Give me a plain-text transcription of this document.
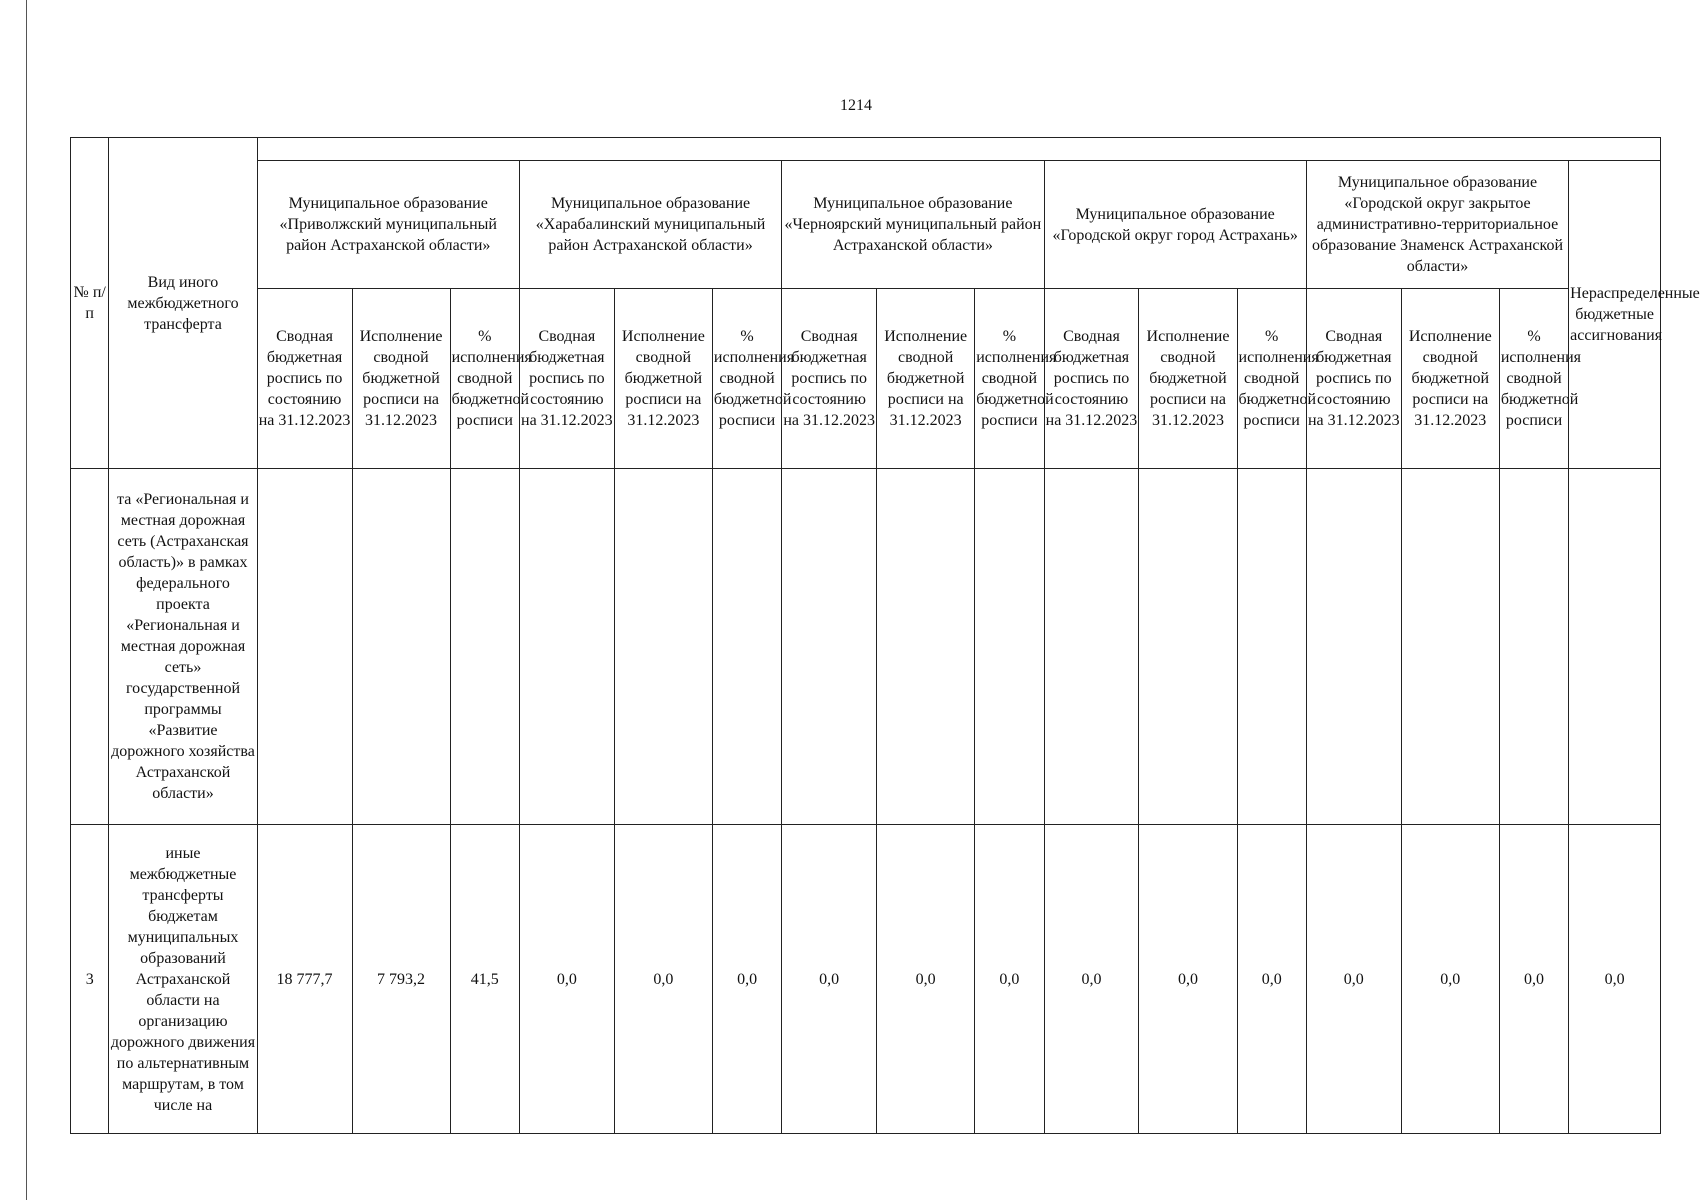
1214
№ п/п	Вид иного межбюджетного трансферта																
		Муниципальное образование «Приволжский муниципальный район Астраханской области»			Муниципальное образование «Харабалинский муниципальный район Астраханской области»			Муниципальное образование «Черноярский муниципальный район Астраханской области»			Муниципальное образование «Городской округ город Астрахань»			Муниципальное образование «Городской округ закрытое административно-территориальное образование Знаменск Астраханской области»			Нераспределенные бюджетные ассигнования
		Сводная бюджетная роспись по состоянию на 31.12.2023	Исполнение сводной бюджетной росписи на 31.12.2023	% исполнения сводной бюджетной росписи	Сводная бюджетная роспись по состоянию на 31.12.2023	Исполнение сводной бюджетной росписи на 31.12.2023	% исполнения сводной бюджетной росписи	Сводная бюджетная роспись по состоянию на 31.12.2023	Исполнение сводной бюджетной росписи на 31.12.2023	% исполнения сводной бюджетной росписи	Сводная бюджетная роспись по состоянию на 31.12.2023	Исполнение сводной бюджетной росписи на 31.12.2023	% исполнения сводной бюджетной росписи	Сводная бюджетная роспись по состоянию на 31.12.2023	Исполнение сводной бюджетной росписи на 31.12.2023	% исполнения сводной бюджетной росписи	
	та «Региональная и местная дорожная сеть (Астраханская область)» в рамках федерального проекта «Региональная и местная дорожная сеть» государственной программы «Развитие дорожного хозяйства Астраханской области»																
3	иные межбюджетные трансферты бюджетам муниципальных образований Астраханской области на организацию дорожного движения по альтернативным маршрутам, в том числе на	18 777,7	7 793,2	41,5	0,0	0,0	0,0	0,0	0,0	0,0	0,0	0,0	0,0	0,0	0,0	0,0	0,0
